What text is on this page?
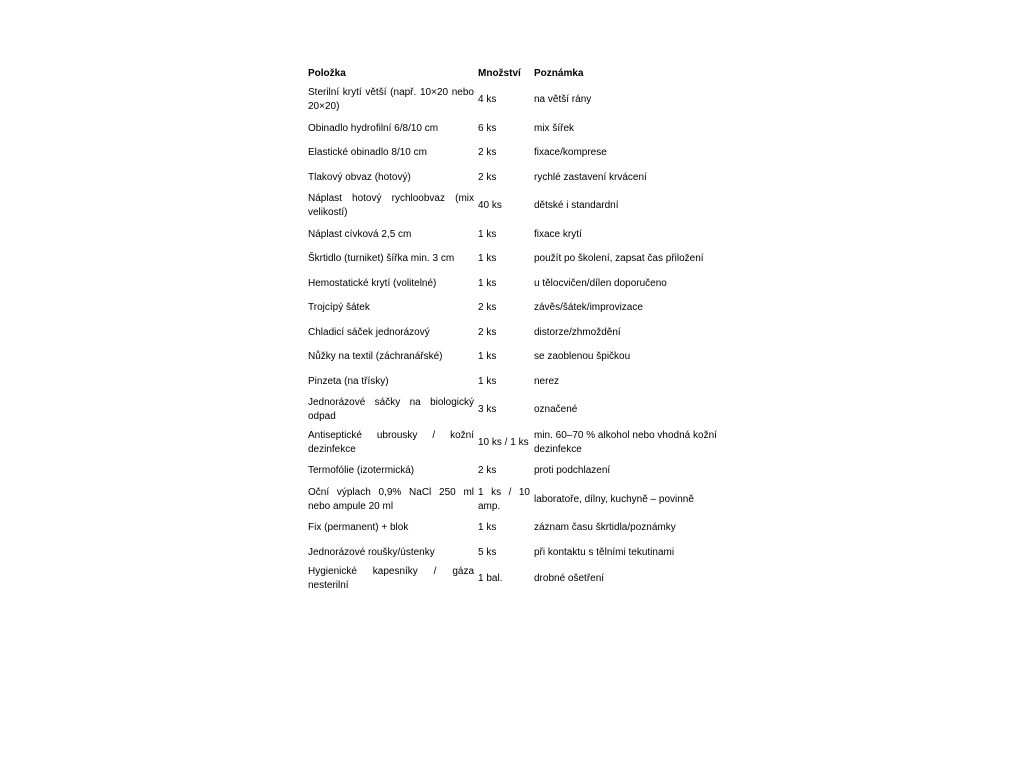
Položka	Množství	Poznámka
Sterilní krytí větší (např. 10×20 nebo 20×20)	4 ks	na větší rány
Obinadlo hydrofilní 6/8/10 cm	6 ks	mix šířek
Elastické obinadlo 8/10 cm	2 ks	fixace/komprese
Tlakový obvaz (hotový)	2 ks	rychlé zastavení krvácení
Náplast hotový rychloobvaz (mix velikostí)	40 ks	dětské i standardní
Náplast cívková 2,5 cm	1 ks	fixace krytí
Škrtidlo (turniket) šířka min. 3 cm	1 ks	použít po školení, zapsat čas přiložení
Hemostatické krytí (volitelné)	1 ks	u tělocvičen/dílen doporučeno
Trojcípý šátek	2 ks	závěs/šátek/improvizace
Chladicí sáček jednorázový	2 ks	distorze/zhmoždění
Nůžky na textil (záchranářské)	1 ks	se zaoblenou špičkou
Pinzeta (na třísky)	1 ks	nerez
Jednorázové sáčky na biologický odpad	3 ks	označené
Antiseptické ubrousky / kožní dezinfekce	10 ks / 1 ks	min. 60–70 % alkohol nebo vhodná kožní dezinfekce
Termofólie (izotermická)	2 ks	proti podchlazení
Oční výplach 0,9% NaCl 250 ml nebo ampule 20 ml	1 ks / 10 amp.	laboratoře, dílny, kuchyně – povinně
Fix (permanent) + blok	1 ks	záznam času škrtidla/poznámky
Jednorázové roušky/ústenky	5 ks	při kontaktu s tělními tekutinami
Hygienické kapesníky / gáza nesterilní	1 bal.	drobné ošetření
